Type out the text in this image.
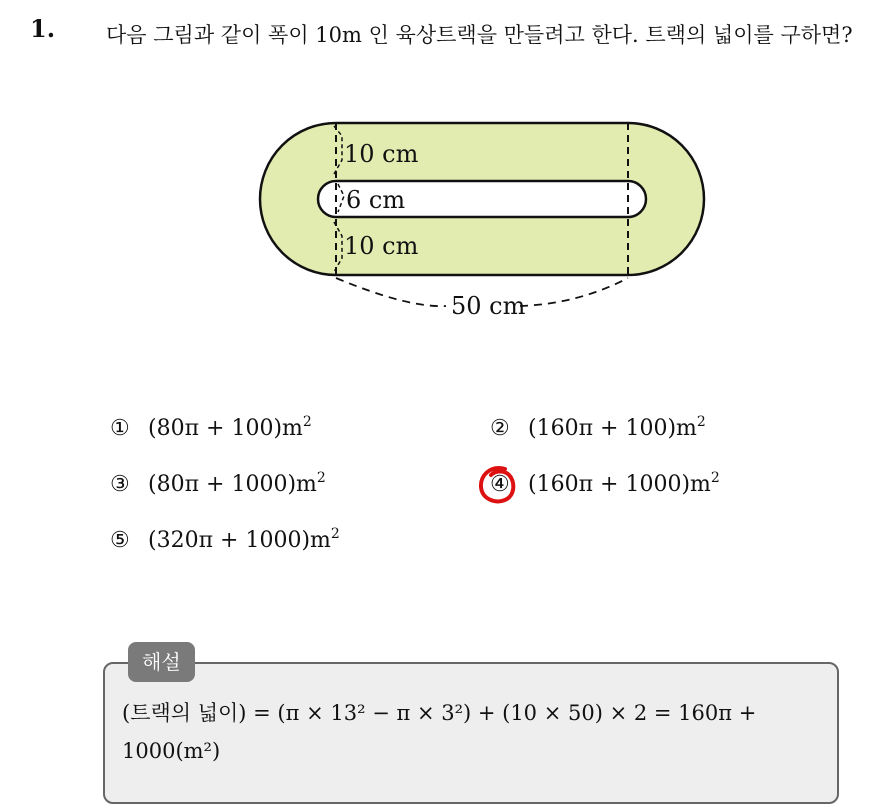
1. 다음 그림과 같이 폭이 10m 인 육상트랙을 만들려고 한다. 트랙의 넓이를 구하면?
10 cm
6 cm
10 cm
50 cm
① $(80\pi + 100)m^2$	② $(160\pi + 100)m^2$
③ $(80\pi + 1000)m^2$	④ $(160\pi + 1000)m^2$
⑤ $(320\pi + 1000)m^2$
해설
(트랙의 넓이) = (π × 13² − π × 3²) + (10 × 50) × 2 = 160π +
1000(m²)
